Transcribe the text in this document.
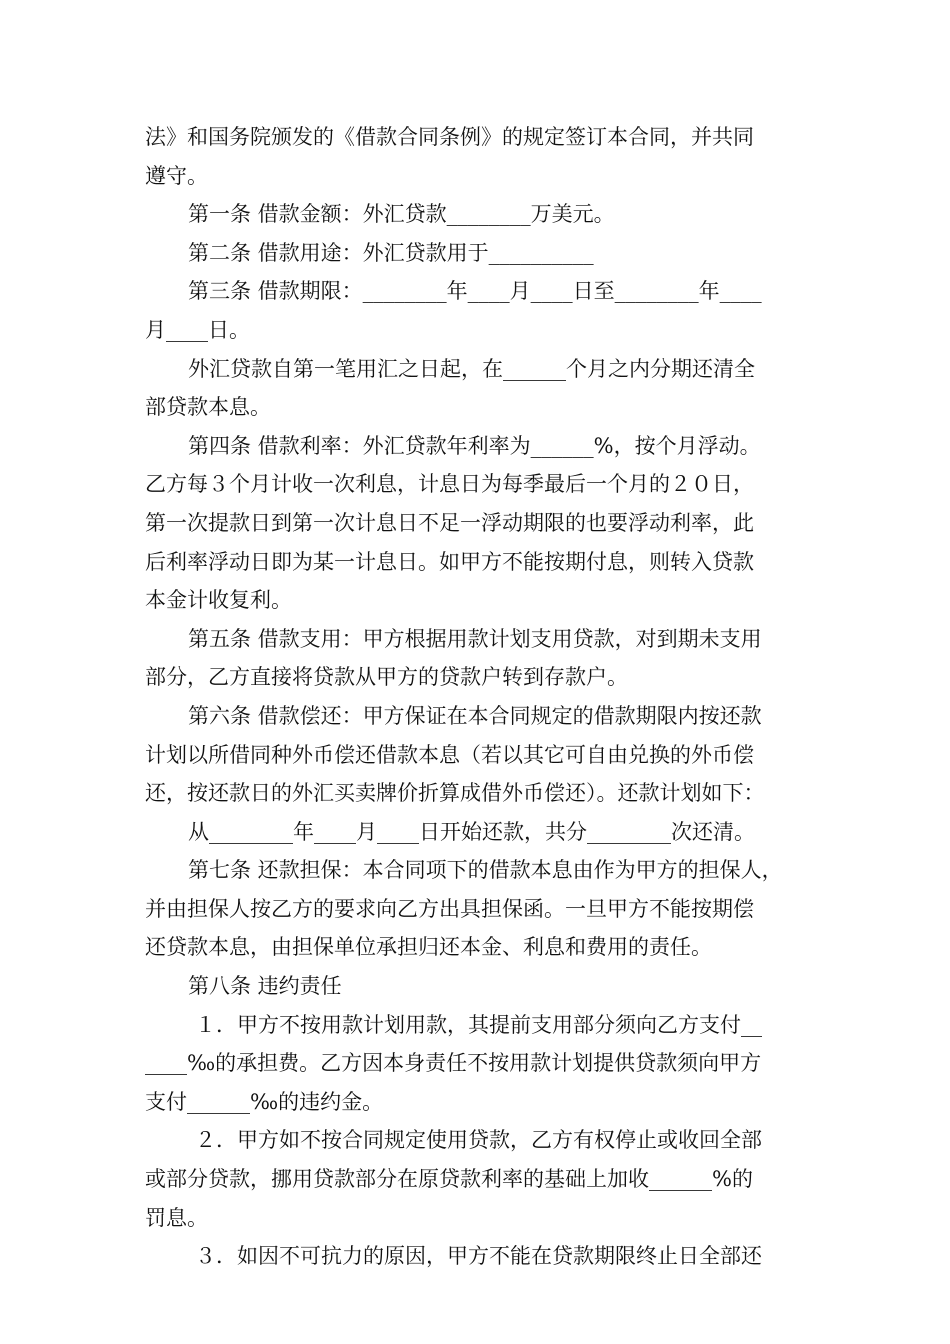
法》和国务院颁发的《借款合同条例》的规定签订本合同，并共同
遵守。
第一条 借款金额：外汇贷款________万美元。
第二条 借款用途：外汇贷款用于__________
第三条 借款期限：________年____月____日至________年____
月____日。
外汇贷款自第一笔用汇之日起，在______个月之内分期还清全
部贷款本息。
第四条 借款利率：外汇贷款年利率为______%，按个月浮动。
乙方每３个月计收一次利息，计息日为每季最后一个月的２０日，
第一次提款日到第一次计息日不足一浮动期限的也要浮动利率，此
后利率浮动日即为某一计息日。如甲方不能按期付息，则转入贷款
本金计收复利。
第五条 借款支用：甲方根据用款计划支用贷款，对到期未支用
部分，乙方直接将贷款从甲方的贷款户转到存款户。
第六条 借款偿还：甲方保证在本合同规定的借款期限内按还款
计划以所借同种外币偿还借款本息（若以其它可自由兑换的外币偿
还，按还款日的外汇买卖牌价折算成借外币偿还）。还款计划如下：
从________年____月____日开始还款，共分________次还清。
第七条 还款担保：本合同项下的借款本息由作为甲方的担保人，
并由担保人按乙方的要求向乙方出具担保函。一旦甲方不能按期偿
还贷款本息，由担保单位承担归还本金、利息和费用的责任。
第八条 违约责任
１．甲方不按用款计划用款，其提前支用部分须向乙方支付__
____‰的承担费。乙方因本身责任不按用款计划提供贷款须向甲方
支付______‰的违约金。
２．甲方如不按合同规定使用贷款，乙方有权停止或收回全部
或部分贷款，挪用贷款部分在原贷款利率的基础上加收______%的
罚息。
３．如因不可抗力的原因，甲方不能在贷款期限终止日全部还
